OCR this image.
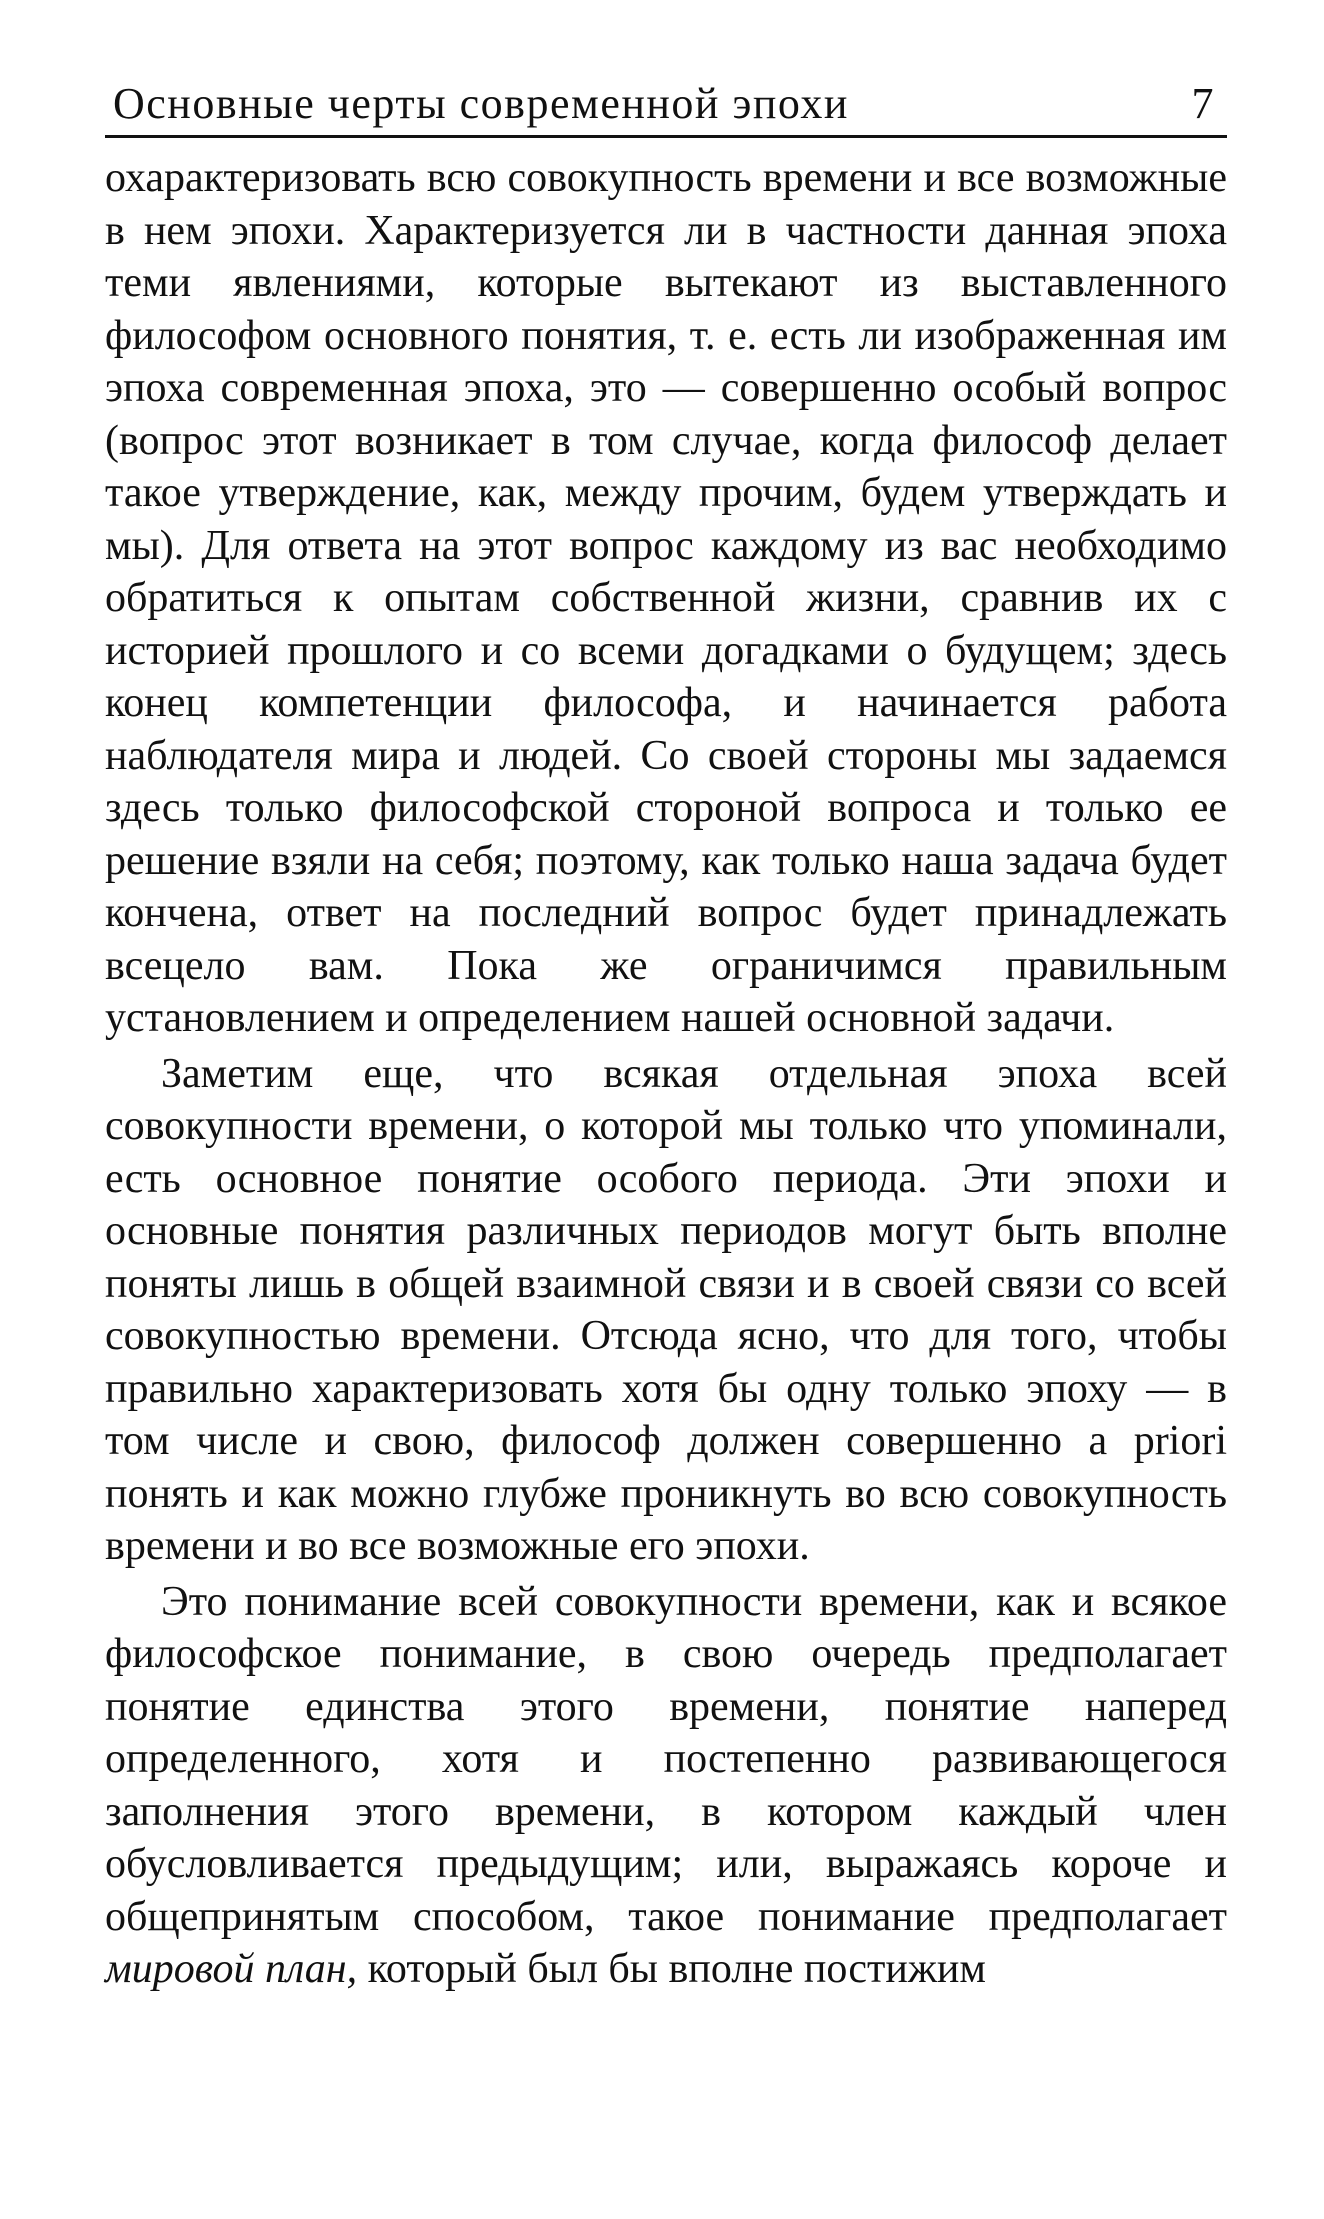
Основные черты современной эпохи	7

охарактеризовать всю совокупность времени и все возможные в нем эпохи. Характеризуется ли в частности данная эпоха теми явлениями, которые вытекают из выставленного философом основного понятия, т. е. есть ли изображенная им эпоха современная эпоха, это — совершенно особый вопрос (вопрос этот возникает в том случае, когда философ делает такое утверждение, как, между прочим, будем утверждать и мы). Для ответа на этот вопрос каждому из вас необходимо обратиться к опытам собственной жизни, сравнив их с историей прошлого и со всеми догадками о будущем; здесь конец компетенции философа, и начинается работа наблюдателя мира и людей. Со своей стороны мы задаемся здесь только философской стороной вопроса и только ее решение взяли на себя; поэтому, как только наша задача будет кончена, ответ на последний вопрос будет принадлежать всецело вам. Пока же ограничимся правильным установлением и определением нашей основной задачи.

Заметим еще, что всякая отдельная эпоха всей совокупности времени, о которой мы только что упоминали, есть основное понятие особого периода. Эти эпохи и основные понятия различных периодов могут быть вполне поняты лишь в общей взаимной связи и в своей связи со всей совокупностью времени. Отсюда ясно, что для того, чтобы правильно характеризовать хотя бы одну только эпоху — в том числе и свою, философ должен совершенно a priori понять и как можно глубже проникнуть во всю совокупность времени и во все возможные его эпохи.

Это понимание всей совокупности времени, как и всякое философское понимание, в свою очередь предполагает понятие единства этого времени, понятие наперед определенного, хотя и постепенно развивающегося заполнения этого времени, в котором каждый член обусловливается предыдущим; или, выражаясь короче и общепринятым способом, такое понимание предполагает мировой план, который был бы вполне постижим
